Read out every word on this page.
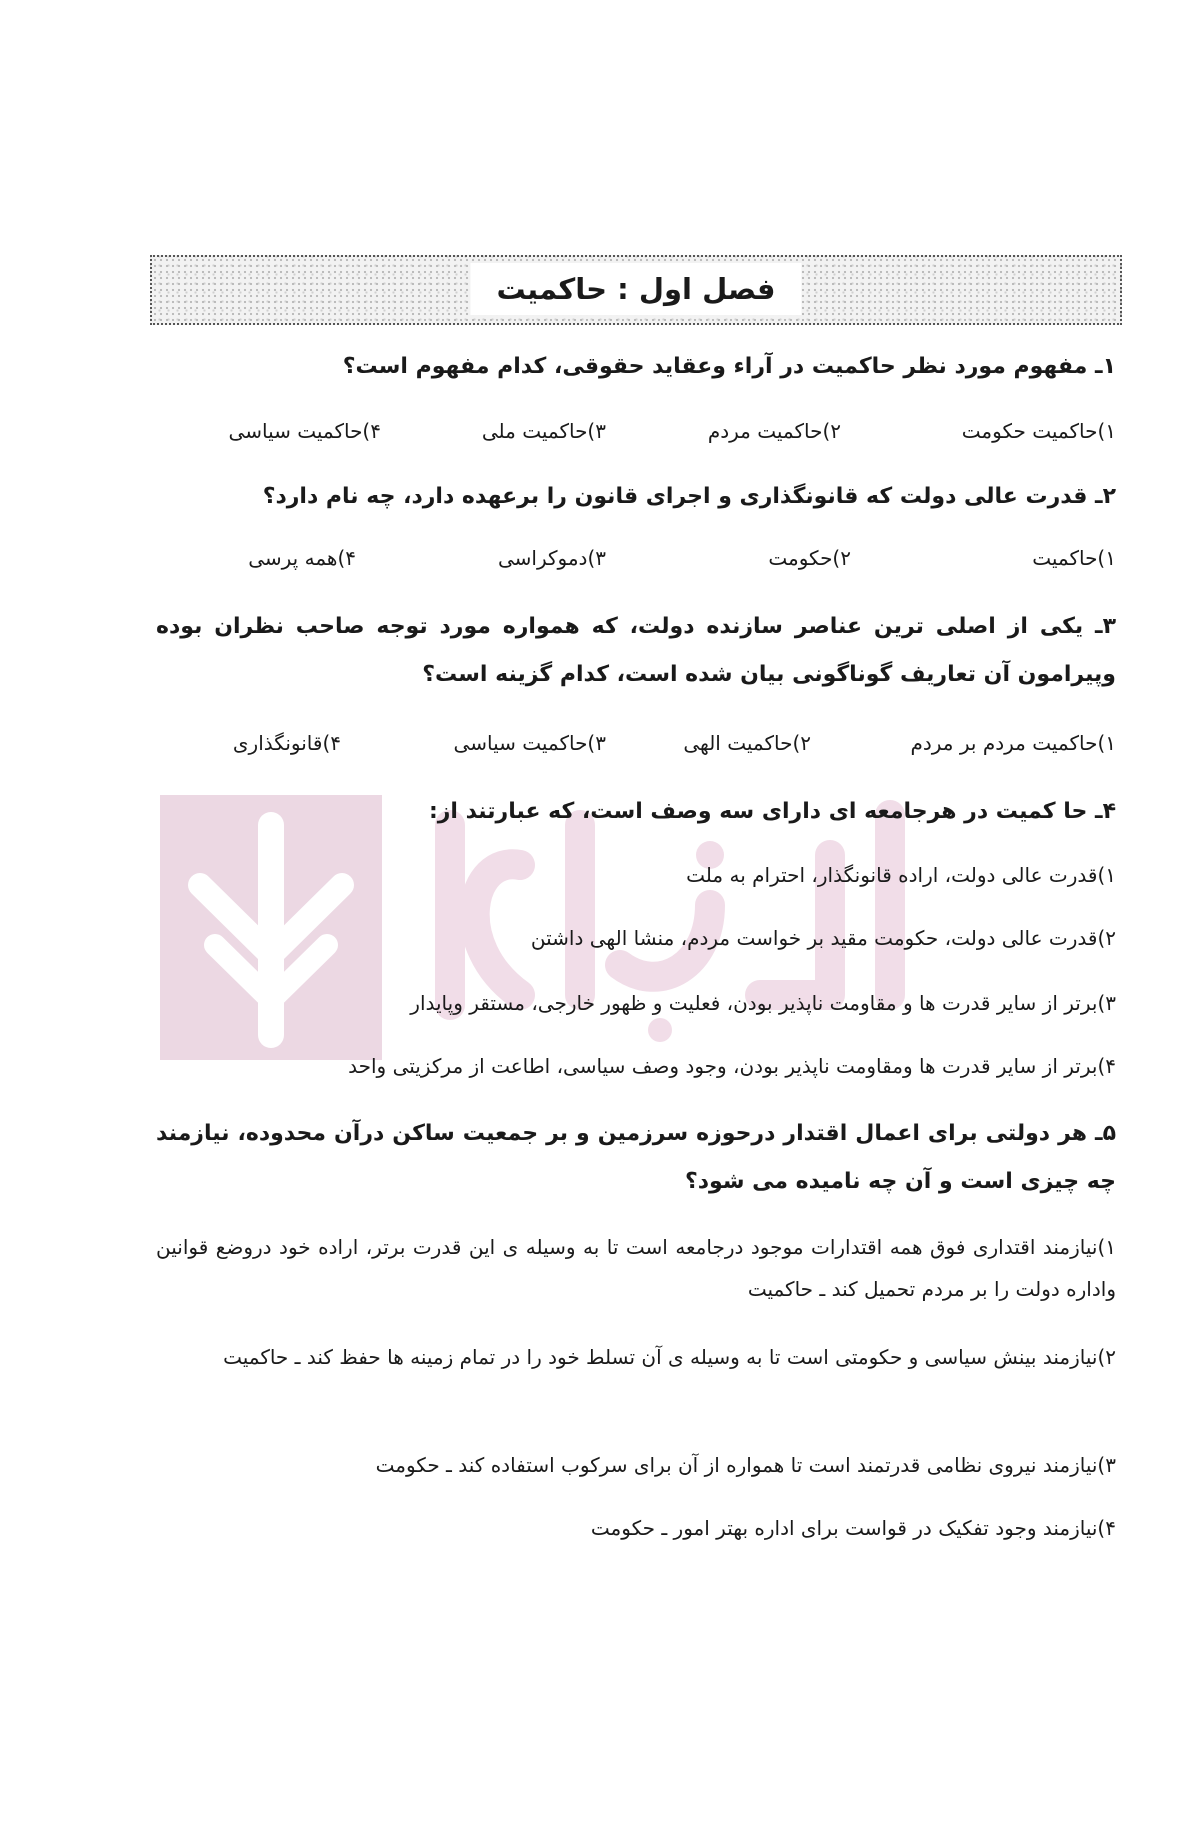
فصل اول : حاکمیت
۱ـ مفهوم مورد نظر حاکمیت در آراء وعقاید حقوقی، کدام مفهوم است؟
۱)حاکمیت حکومت
۲)حاکمیت مردم
۳)حاکمیت ملی
۴)حاکمیت سیاسی
۲ـ قدرت عالی دولت که قانونگذاری و اجرای قانون را برعهده دارد، چه نام دارد؟
۱)حاکمیت
۲)حکومت
۳)دموکراسی
۴)همه پرسی
۳ـ یکی از اصلی ترین عناصر سازنده دولت، که همواره مورد توجه صاحب نظران بوده وپیرامون آن تعاریف گوناگونی بیان شده است، کدام گزینه است؟
۱)حاکمیت مردم بر مردم
۲)حاکمیت الهی
۳)حاکمیت سیاسی
۴)قانونگذاری
۴ـ حا کمیت در هرجامعه ای دارای سه وصف است، که عبارتند از:
۱)قدرت عالی دولت، اراده قانونگذار، احترام به ملت
۲)قدرت عالی دولت، حکومت مقید بر خواست مردم، منشا الهی داشتن
۳)برتر از سایر قدرت ها و مقاومت ناپذیر بودن، فعلیت و ظهور خارجی، مستقر وپایدار
۴)برتر از سایر قدرت ها ومقاومت ناپذیر بودن، وجود وصف سیاسی، اطاعت از مرکزیتی واحد
۵ـ هر دولتی برای اعمال اقتدار درحوزه سرزمین و بر جمعیت ساکن درآن محدوده، نیازمند چه چیزی است و آن چه نامیده می شود؟
۱)نیازمند اقتداری فوق همه اقتدارات موجود درجامعه است تا به وسیله ی این قدرت برتر، اراده خود دروضع قوانین واداره دولت را بر مردم تحمیل کند ـ حاکمیت
۲)نیازمند بینش سیاسی و حکومتی است تا به وسیله ی آن تسلط خود را در تمام زمینه ها حفظ کند ـ حاکمیت
۳)نیازمند نیروی نظامی قدرتمند است تا همواره از آن برای سرکوب استفاده کند ـ حکومت
۴)نیازمند وجود تفکیک در قواست برای اداره بهتر امور ـ حکومت
